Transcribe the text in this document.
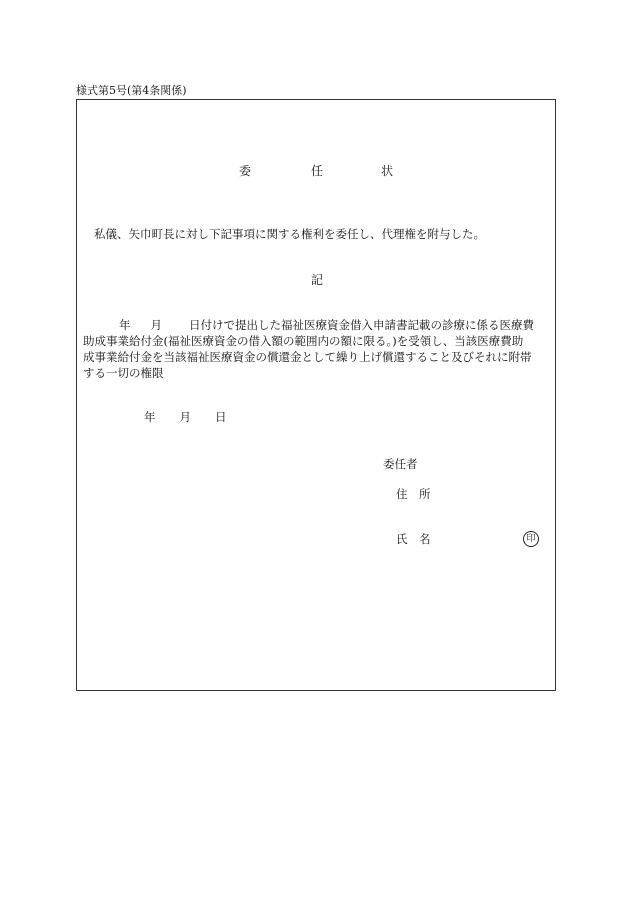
様式第5号(第4条関係)
委	任	状
私儀、矢巾町長に対し下記事項に関する権利を委任し、代理権を附与した。
記
年 月 日付けで提出した福祉医療資金借入申請書記載の診療に係る医療費
助成事業給付金(福祉医療資金の借入額の範囲内の額に限る。)を受領し、当該医療費助
成事業給付金を当該福祉医療資金の償還金として繰り上げ償還すること及びそれに附帯
する一切の権限
年 月 日
委任者
住　所
氏　名	印
